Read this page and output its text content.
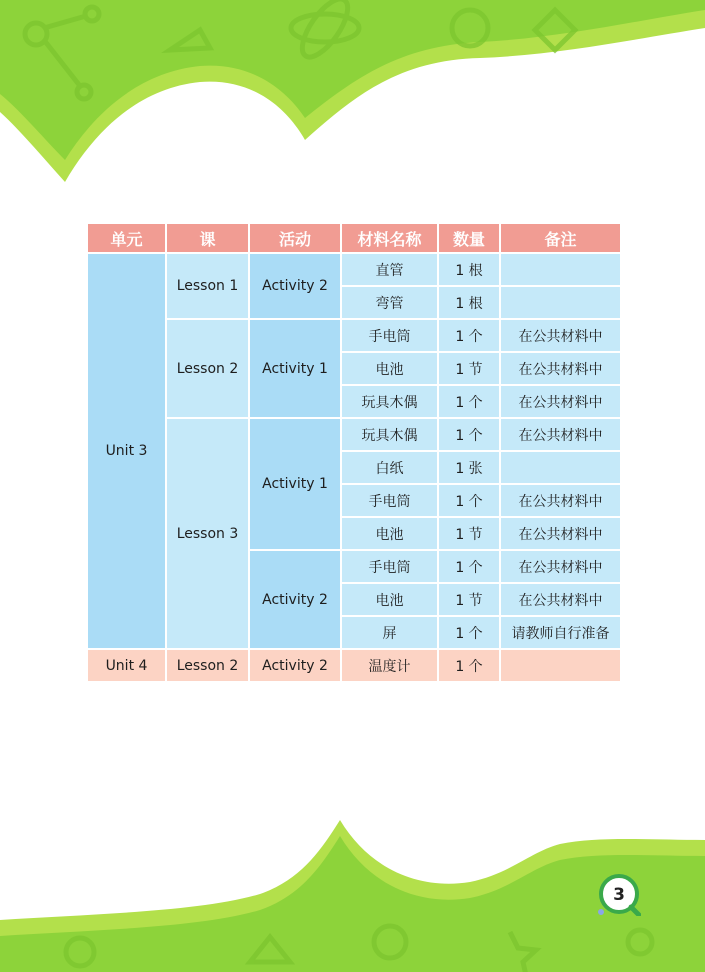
单元	课	活动	材料名称	数量	备注
Unit 3	Lesson 1	Activity 2	直管	1 根	
			弯管	1 根	
	Lesson 2	Activity 1	手电筒	1 个	在公共材料中
			电池	1 节	在公共材料中
			玩具木偶	1 个	在公共材料中
	Lesson 3	Activity 1	玩具木偶	1 个	在公共材料中
			白纸	1 张	
			手电筒	1 个	在公共材料中
			电池	1 节	在公共材料中
		Activity 2	手电筒	1 个	在公共材料中
			电池	1 节	在公共材料中
			屏	1 个	请教师自行准备
Unit 4	Lesson 2	Activity 2	温度计	1 个	
3
